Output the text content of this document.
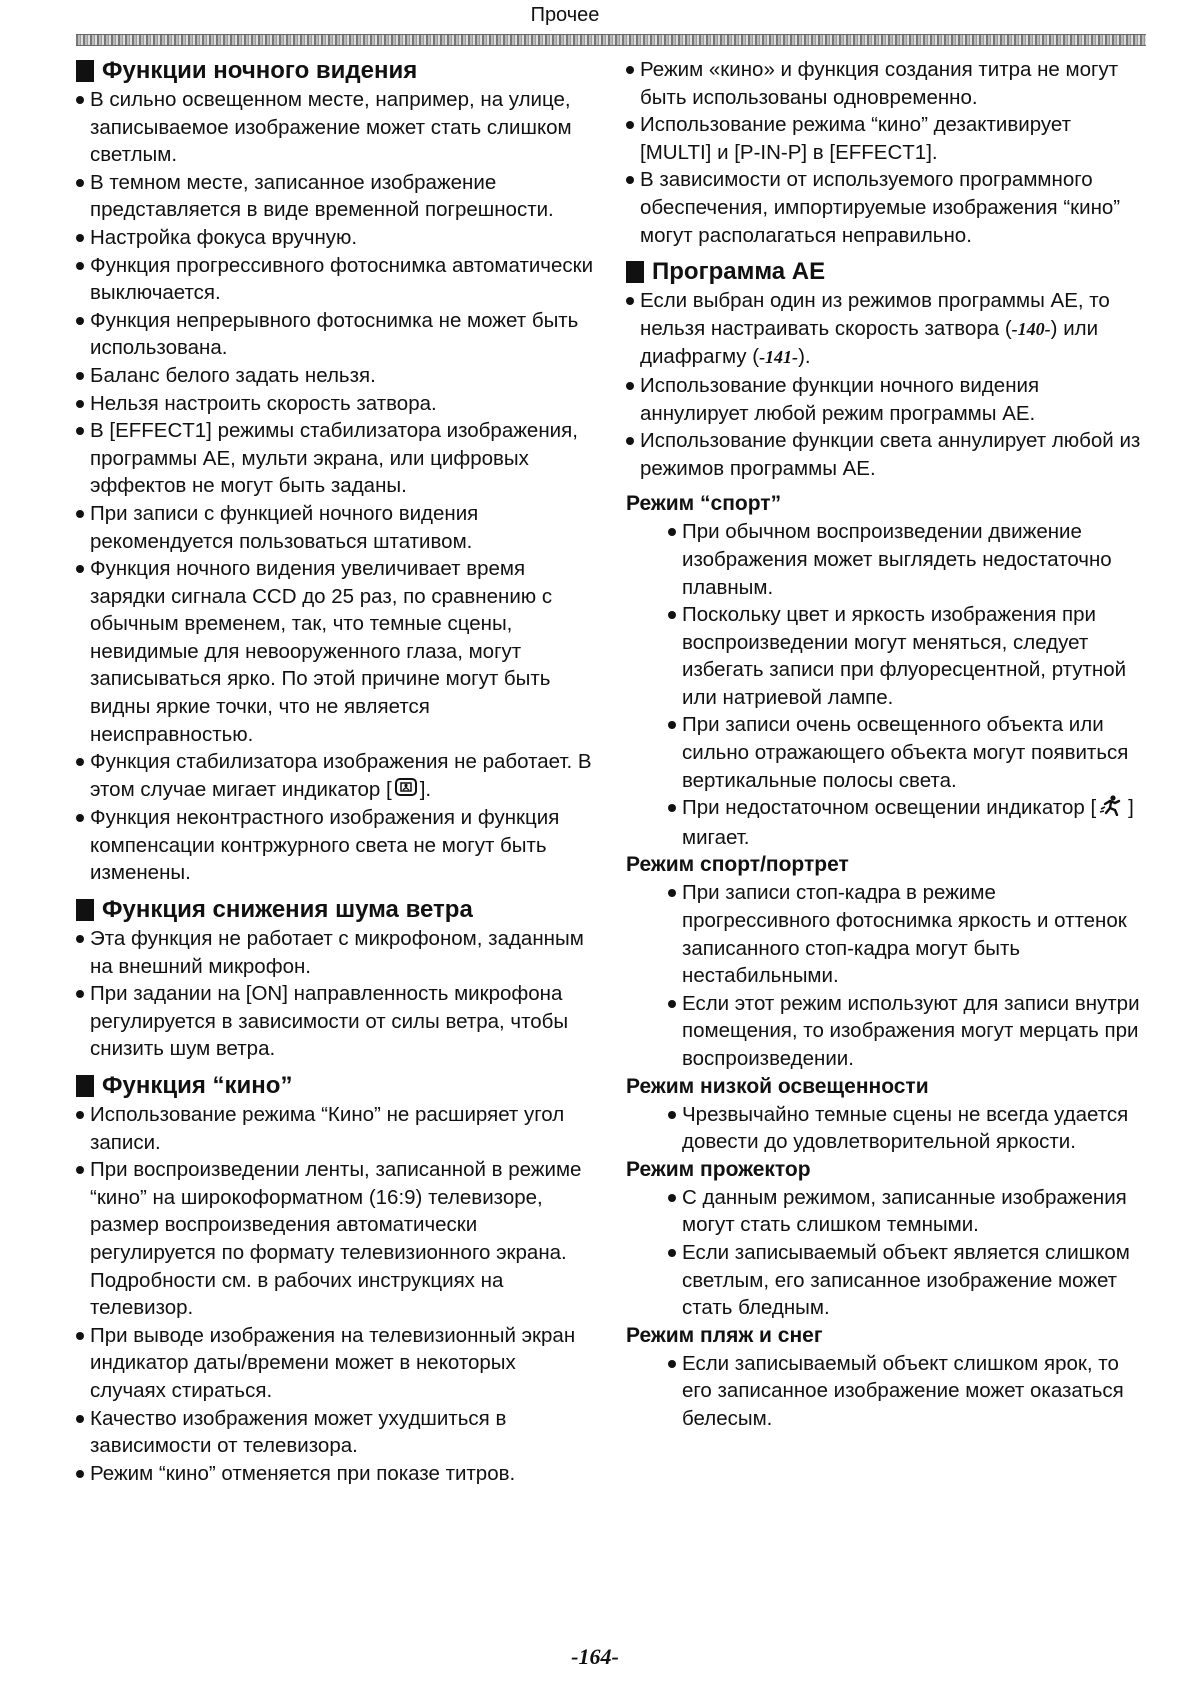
Прочее
Функции ночного видения
В сильно освещенном месте, например, на улице, записываемое изображение может стать слишком светлым.
В темном месте, записанное изображение представляется в виде временной погрешности.
Настройка фокуса вручную.
Функция прогрессивного фотоснимка автоматически выключается.
Функция непрерывного фотоснимка не может быть использована.
Баланс белого задать нельзя.
Нельзя настроить скорость затвора.
В [EFFECT1] режимы стабилизатора изображения, программы AE, мульти экрана, или цифровых эффектов не могут быть заданы.
При записи с функцией ночного видения рекомендуется пользоваться штативом.
Функция ночного видения увеличивает время зарядки сигнала CCD до 25 раз, по сравнению с обычным временем, так, что темные сцены, невидимые для невооруженного глаза, могут записываться ярко. По этой причине могут быть видны яркие точки, что не является неисправностью.
Функция стабилизатора изображения не работает. В этом случае мигает индикатор [ ].
Функция неконтрастного изображения и функция компенсации контржурного света не могут быть изменены.
Функция снижения шума ветра
Эта функция не работает с микрофоном, заданным на внешний микрофон.
При задании на [ON] направленность микрофона регулируется в зависимости от силы ветра, чтобы снизить шум ветра.
Функция “кино”
Использование режима “Кино” не расширяет угол записи.
При воспроизведении ленты, записанной в режиме “кино” на широкоформатном (16:9) телевизоре, размер воспроизведения автоматически регулируется по формату телевизионного экрана. Подробности см. в рабочих инструкциях на телевизор.
При выводе изображения на телевизионный экран индикатор даты/времени может в некоторых случаях стираться.
Качество изображения может ухудшиться в зависимости от телевизора.
Режим “кино” отменяется при показе титров.
Режим «кино» и функция создания титра не могут быть использованы одновременно.
Использование режима “кино” дезактивирует [MULTI] и [P-IN-P] в [EFFECT1].
В зависимости от используемого программного обеспечения, импортируемые изображения “кино” могут располагаться неправильно.
Программа AE
Если выбран один из режимов программы AE, то нельзя настраивать скорость затвора (-140-) или диафрагму (-141-).
Использование функции ночного видения аннулирует любой режим программы AE.
Использование функции света аннулирует любой из режимов программы AE.
Режим “спорт”
При обычном воспроизведении движение изображения может выглядеть недостаточно плавным.
Поскольку цвет и яркость изображения при воспроизведении могут меняться, следует избегать записи при флуоресцентной, ртутной или натриевой лампе.
При записи очень освещенного объекта или сильно отражающего объекта могут появиться вертикальные полосы света.
При недостаточном освещении индикатор [ ] мигает.
Режим спорт/портрет
При записи стоп-кадра в режиме прогрессивного фотоснимка яркость и оттенок записанного стоп-кадра могут быть нестабильными.
Если этот режим используют для записи внутри помещения, то изображения могут мерцать при воспроизведении.
Режим низкой освещенности
Чрезвычайно темные сцены не всегда удается довести до удовлетворительной яркости.
Режим прожектор
С данным режимом, записанные изображения могут стать слишком темными.
Если записываемый объект является слишком светлым, его записанное изображение может стать бледным.
Режим пляж и снег
Если записываемый объект слишком ярок, то его записанное изображение может оказаться белесым.
-164-
